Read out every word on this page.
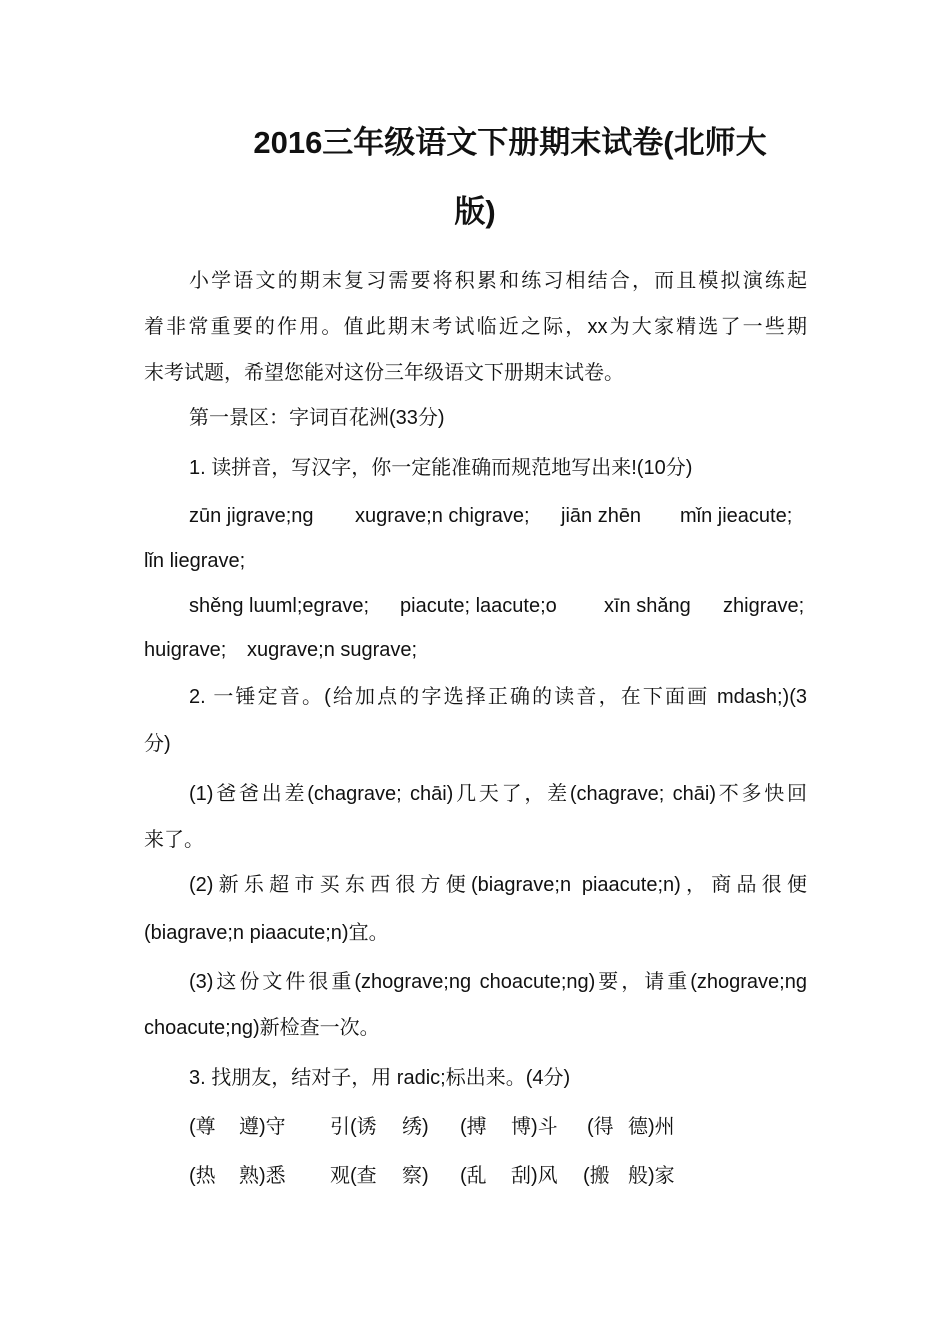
2016三年级语文下册期末试卷(北师大
版)
小学语文的期末复习需要将积累和练习相结合，而且模拟演练起
着非常重要的作用。值此期末考试临近之际，xx为大家精选了一些期
末考试题，希望您能对这份三年级语文下册期末试卷。
第一景区：字词百花洲(33分)
1. 读拼音，写汉字，你一定能准确而规范地写出来!(10分)
zūn jigrave;ng xugrave;n chigrave; jiān zhēn mǐn jieacute;
lǐn liegrave;
shěng luuml;egrave; piacute; laacute;o xīn shǎng zhigrave;
huigrave; xugrave;n sugrave;
2. 一锤定音。(给加点的字选择正确的读音，在下面画 mdash;)(3
分)
(1)爸爸出差(chagrave; chāi)几天了，差(chagrave; chāi)不多快回
来了。
(2)新乐超市买东西很方便(biagrave;n piaacute;n)，商品很便
(biagrave;n piaacute;n)宜。
(3)这份文件很重(zhograve;ng choacute;ng)要，请重(zhograve;ng
choacute;ng)新检查一次。
3. 找朋友，结对子，用 radic;标出来。(4分)
(尊 遵)守 引(诱 绣) (搏 博)斗 (得 德)州
(热 熟)悉 观(查 察) (乱 刮)风 (搬 般)家
